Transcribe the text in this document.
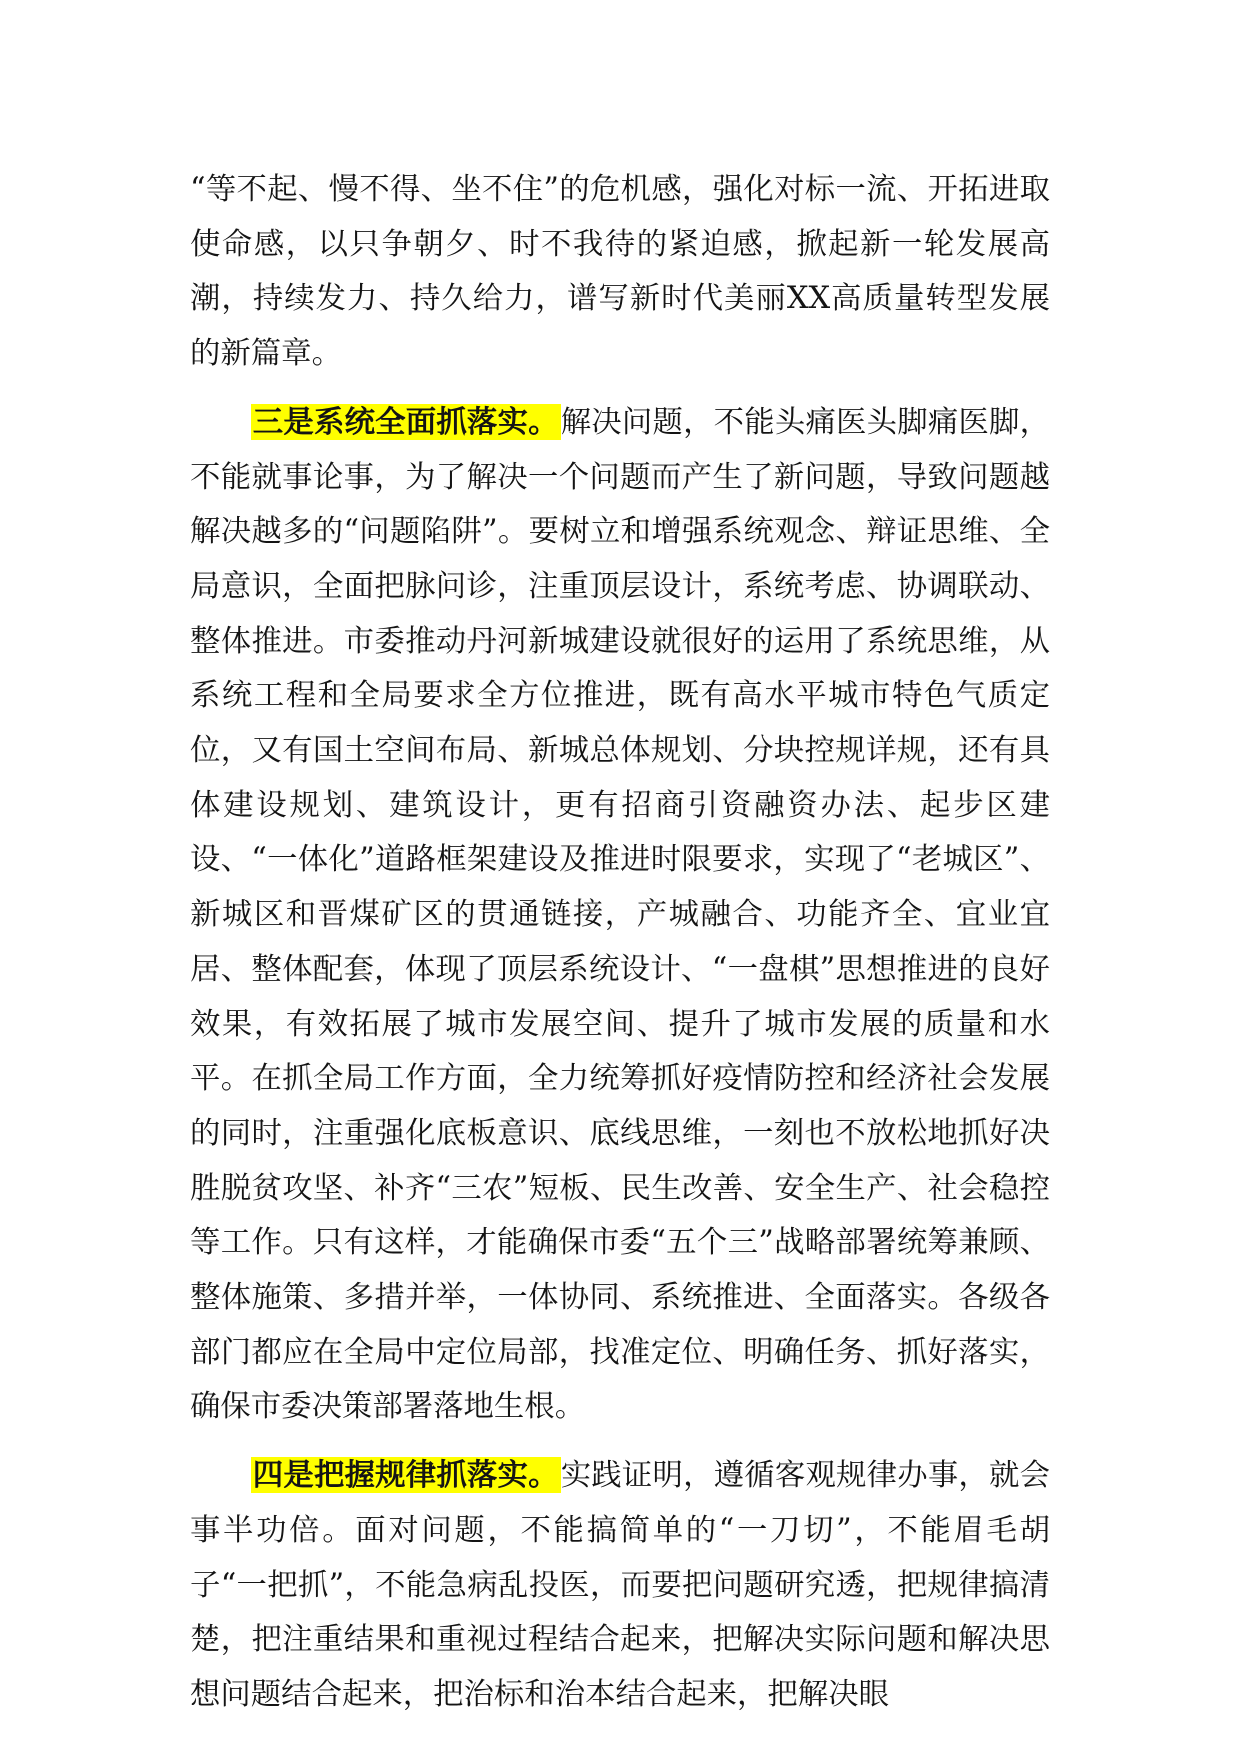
“等不起、慢不得、坐不住”的危机感，强化对标一流、开拓进取使命感，以只争朝夕、时不我待的紧迫感，掀起新一轮发展高潮，持续发力、持久给力，谱写新时代美丽XX高质量转型发展的新篇章。

三是系统全面抓落实。解决问题，不能头痛医头脚痛医脚，不能就事论事，为了解决一个问题而产生了新问题，导致问题越解决越多的“问题陷阱”。要树立和增强系统观念、辩证思维、全局意识，全面把脉问诊，注重顶层设计，系统考虑、协调联动、整体推进。市委推动丹河新城建设就很好的运用了系统思维，从系统工程和全局要求全方位推进，既有高水平城市特色气质定位，又有国土空间布局、新城总体规划、分块控规详规，还有具体建设规划、建筑设计，更有招商引资融资办法、起步区建设、“一体化”道路框架建设及推进时限要求，实现了“老城区”、新城区和晋煤矿区的贯通链接，产城融合、功能齐全、宜业宜居、整体配套，体现了顶层系统设计、“一盘棋”思想推进的良好效果，有效拓展了城市发展空间、提升了城市发展的质量和水平。在抓全局工作方面，全力统筹抓好疫情防控和经济社会发展的同时，注重强化底板意识、底线思维，一刻也不放松地抓好决胜脱贫攻坚、补齐“三农”短板、民生改善、安全生产、社会稳控等工作。只有这样，才能确保市委“五个三”战略部署统筹兼顾、整体施策、多措并举，一体协同、系统推进、全面落实。各级各部门都应在全局中定位局部，找准定位、明确任务、抓好落实，确保市委决策部署落地生根。

四是把握规律抓落实。实践证明，遵循客观规律办事，就会事半功倍。面对问题，不能搞简单的“一刀切”，不能眉毛胡子“一把抓”，不能急病乱投医，而要把问题研究透，把规律搞清楚，把注重结果和重视过程结合起来，把解决实际问题和解决思想问题结合起来，把治标和治本结合起来，把解决眼
